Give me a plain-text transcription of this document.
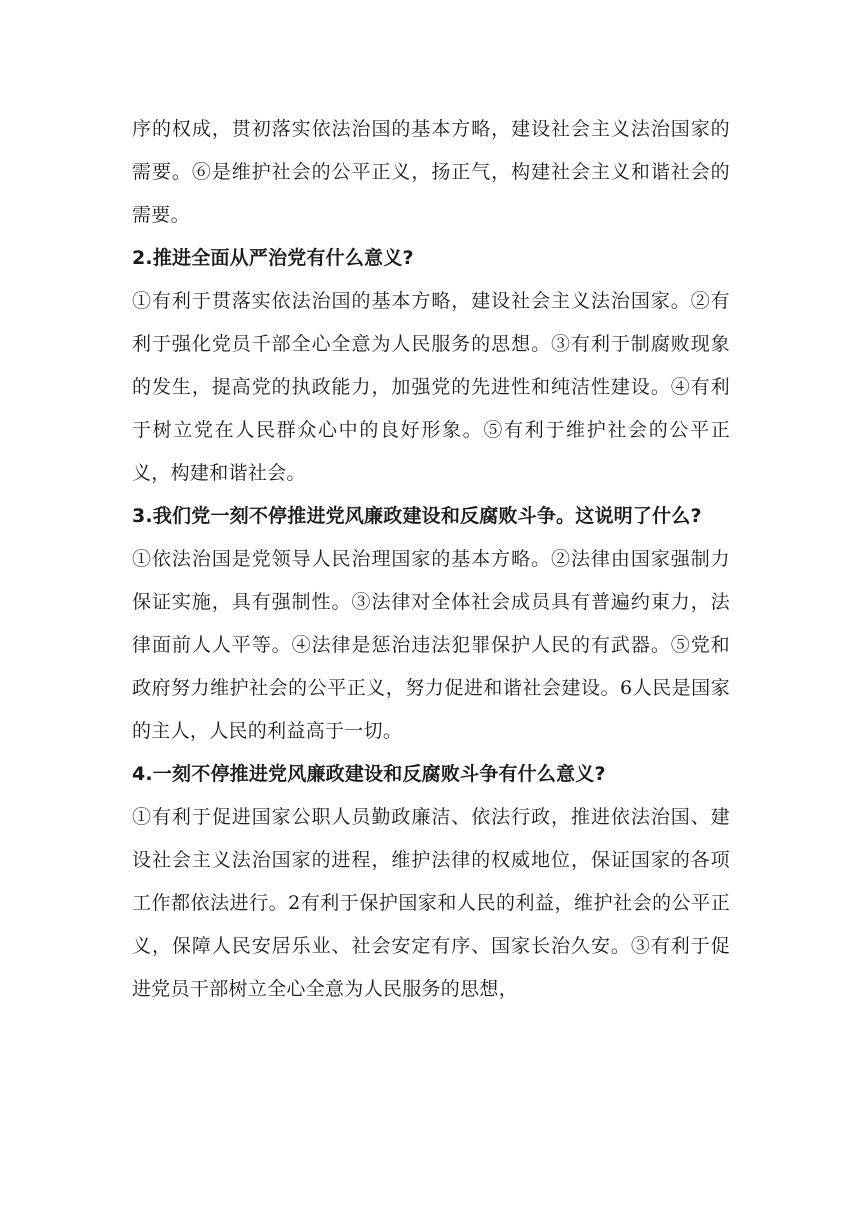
序的权成，贯初落实依法治国的基本方略，建设社会主义法治国家的需要。⑥是维护社会的公平正义，扬正气，构建社会主义和谐社会的需要。

2.推进全面从严治党有什么意义?

①有利于贯落实依法治国的基本方略，建设社会主义法治国家。②有利于强化党员千部全心全意为人民服务的思想。③有利于制腐败现象的发生，提高党的执政能力，加强党的先进性和纯洁性建设。④有利于树立党在人民群众心中的良好形象。⑤有利于维护社会的公平正义，构建和谐社会。

3.我们党一刻不停推进党风廉政建设和反腐败斗争。这说明了什么?

①依法治国是党领导人民治理国家的基本方略。②法律由国家强制力保证实施，具有强制性。③法律对全体社会成员具有普遍约東力，法律面前人人平等。④法律是惩治违法犯罪保护人民的有武器。⑤党和政府努力维护社会的公平正义，努力促进和谐社会建设。6人民是国家的主人，人民的利益高于一切。

4.一刻不停推进党风廉政建设和反腐败斗争有什么意义?

①有利于促进国家公职人员勤政廉洁、依法行政，推进依法治国、建设社会主义法治国家的进程，维护法律的权威地位，保证国家的各项工作都依法进行。2有利于保护国家和人民的利益，维护社会的公平正义，保障人民安居乐业、社会安定有序、国家长治久安。③有利于促进党员干部树立全心全意为人民服务的思想，
